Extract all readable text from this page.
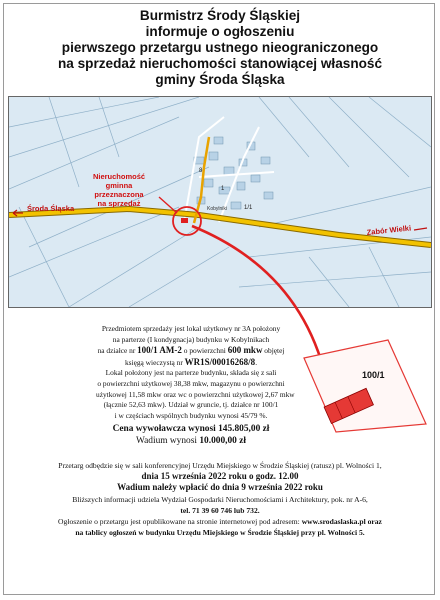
Burmistrz Środy Śląskiej
informuje o ogłoszeniu
pierwszego przetargu ustnego nieograniczonego
na sprzedaż nieruchomości stanowiącej własność
gminy Środa Śląska
Nieruchomość
gminna
przeznaczona
na sprzedaż
Środa Śląska
Zabór Wielki
Kobylniki
1
8
1/1
Przedmiotem sprzedaży jest lokal użytkowy nr 3A położony
na parterze (I kondygnacja) budynku w Kobylnikach
na działce nr 100/1 AM-2 o powierzchni 600 mkw objętej
księgą wieczystą nr WR1S/00016268/8.
Lokal położony jest na parterze budynku, składa się z sali
o powierzchni użytkowej 38,38 mkw, magazynu o powierzchni
użytkowej 11,58 mkw oraz wc o powierzchni użytkowej 2,67 mkw
(łącznie 52,63 mkw). Udział w gruncie, tj. działce nr 100/1
i w częściach wspólnych budynku wynosi 45/79 %.
100/1
Cena wywoławcza wynosi 145.805,00 zł
Wadium wynosi 10.000,00 zł
Przetarg odbędzie się w sali konferencyjnej Urzędu Miejskiego w Środzie Śląskiej (ratusz) pl. Wolności 1,
dnia 15 września 2022 roku o godz. 12.00
Wadium należy wpłacić do dnia 9 września 2022 roku
Bliższych informacji udziela Wydział Gospodarki Nieruchomościami i Architektury, pok. nr A-6,
tel. 71 39 60 746 lub 732.
Ogłoszenie o przetargu jest opublikowane na stronie internetowej pod adresem: www.srodaslaska.pl oraz
na tablicy ogłoszeń w budynku Urzędu Miejskiego w Środzie Śląskiej przy pl. Wolności 5.
